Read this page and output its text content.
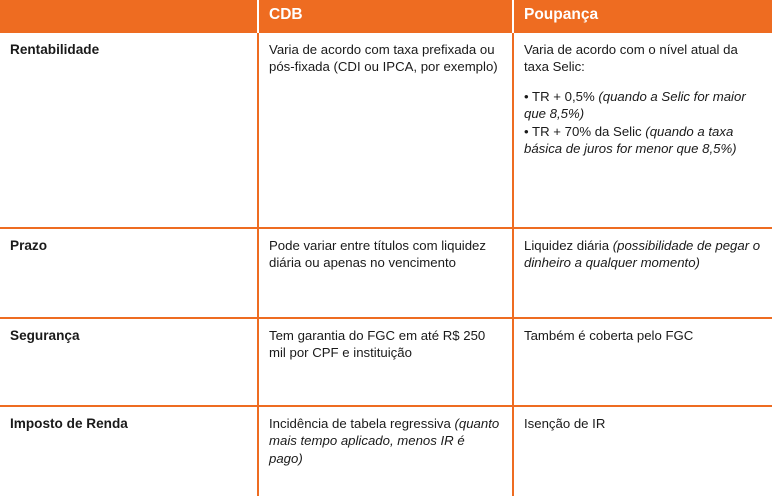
	CDB	Poupança
Rentabilidade	Varia de acordo com taxa prefixada ou pós-fixada (CDI ou IPCA, por exemplo)	Varia de acordo com o nível atual da taxa Selic:

• TR + 0,5% (quando a Selic for maior que 8,5%)

• TR + 70% da Selic (quando a taxa básica de juros for menor que 8,5%)

Prazo	Pode variar entre títulos com liquidez diária ou apenas no vencimento	Liquidez diária (possibilidade de pegar o dinheiro a qualquer momento)

Segurança	Tem garantia do FGC em até R$ 250 mil por CPF e instituição	Também é coberta pelo FGC

Imposto de Renda	Incidência de tabela regressiva (quanto mais tempo aplicado, menos IR é pago)	Isenção de IR
